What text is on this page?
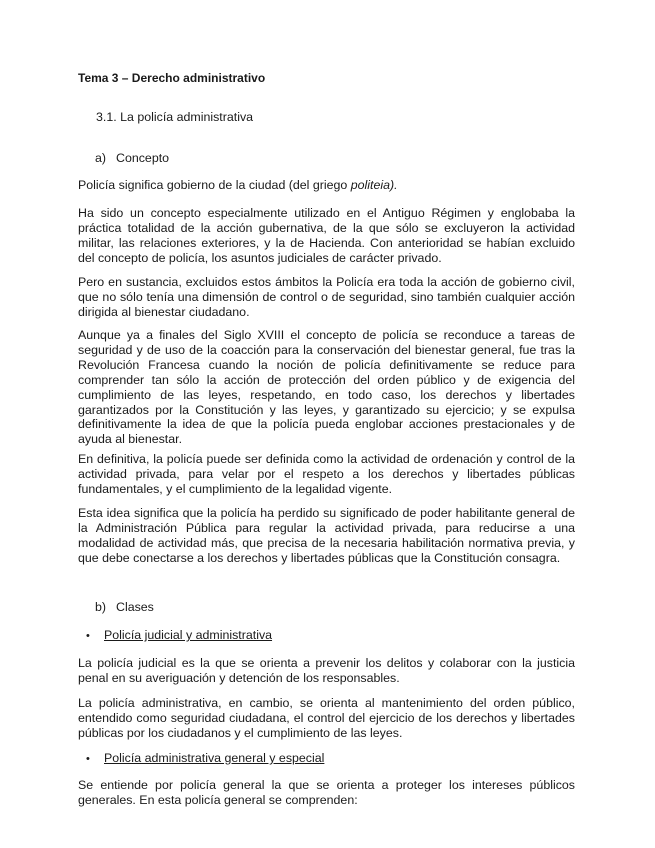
Tema 3 – Derecho administrativo

3.1. La policía administrativa

a) Concepto

Policía significa gobierno de la ciudad (del griego politeia).

Ha sido un concepto especialmente utilizado en el Antiguo Régimen y englobaba la práctica totalidad de la acción gubernativa, de la que sólo se excluyeron la actividad militar, las relaciones exteriores, y la de Hacienda. Con anterioridad se habían excluido del concepto de policía, los asuntos judiciales de carácter privado.

Pero en sustancia, excluidos estos ámbitos la Policía era toda la acción de gobierno civil, que no sólo tenía una dimensión de control o de seguridad, sino también cualquier acción dirigida al bienestar ciudadano.

Aunque ya a finales del Siglo XVIII el concepto de policía se reconduce a tareas de seguridad y de uso de la coacción para la conservación del bienestar general, fue tras la Revolución Francesa cuando la noción de policía definitivamente se reduce para comprender tan sólo la acción de protección del orden público y de exigencia del cumplimiento de las leyes, respetando, en todo caso, los derechos y libertades garantizados por la Constitución y las leyes, y garantizado su ejercicio; y se expulsa definitivamente la idea de que la policía pueda englobar acciones prestacionales y de ayuda al bienestar.

En definitiva, la policía puede ser definida como la actividad de ordenación y control de la actividad privada, para velar por el respeto a los derechos y libertades públicas fundamentales, y el cumplimiento de la legalidad vigente.

Esta idea significa que la policía ha perdido su significado de poder habilitante general de la Administración Pública para regular la actividad privada, para reducirse a una modalidad de actividad más, que precisa de la necesaria habilitación normativa previa, y que debe conectarse a los derechos y libertades públicas que la Constitución consagra.

b) Clases

• Policía judicial y administrativa

La policía judicial es la que se orienta a prevenir los delitos y colaborar con la justicia penal en su averiguación y detención de los responsables.

La policía administrativa, en cambio, se orienta al mantenimiento del orden público, entendido como seguridad ciudadana, el control del ejercicio de los derechos y libertades públicas por los ciudadanos y el cumplimiento de las leyes.

• Policía administrativa general y especial

Se entiende por policía general la que se orienta a proteger los intereses públicos generales. En esta policía general se comprenden:
